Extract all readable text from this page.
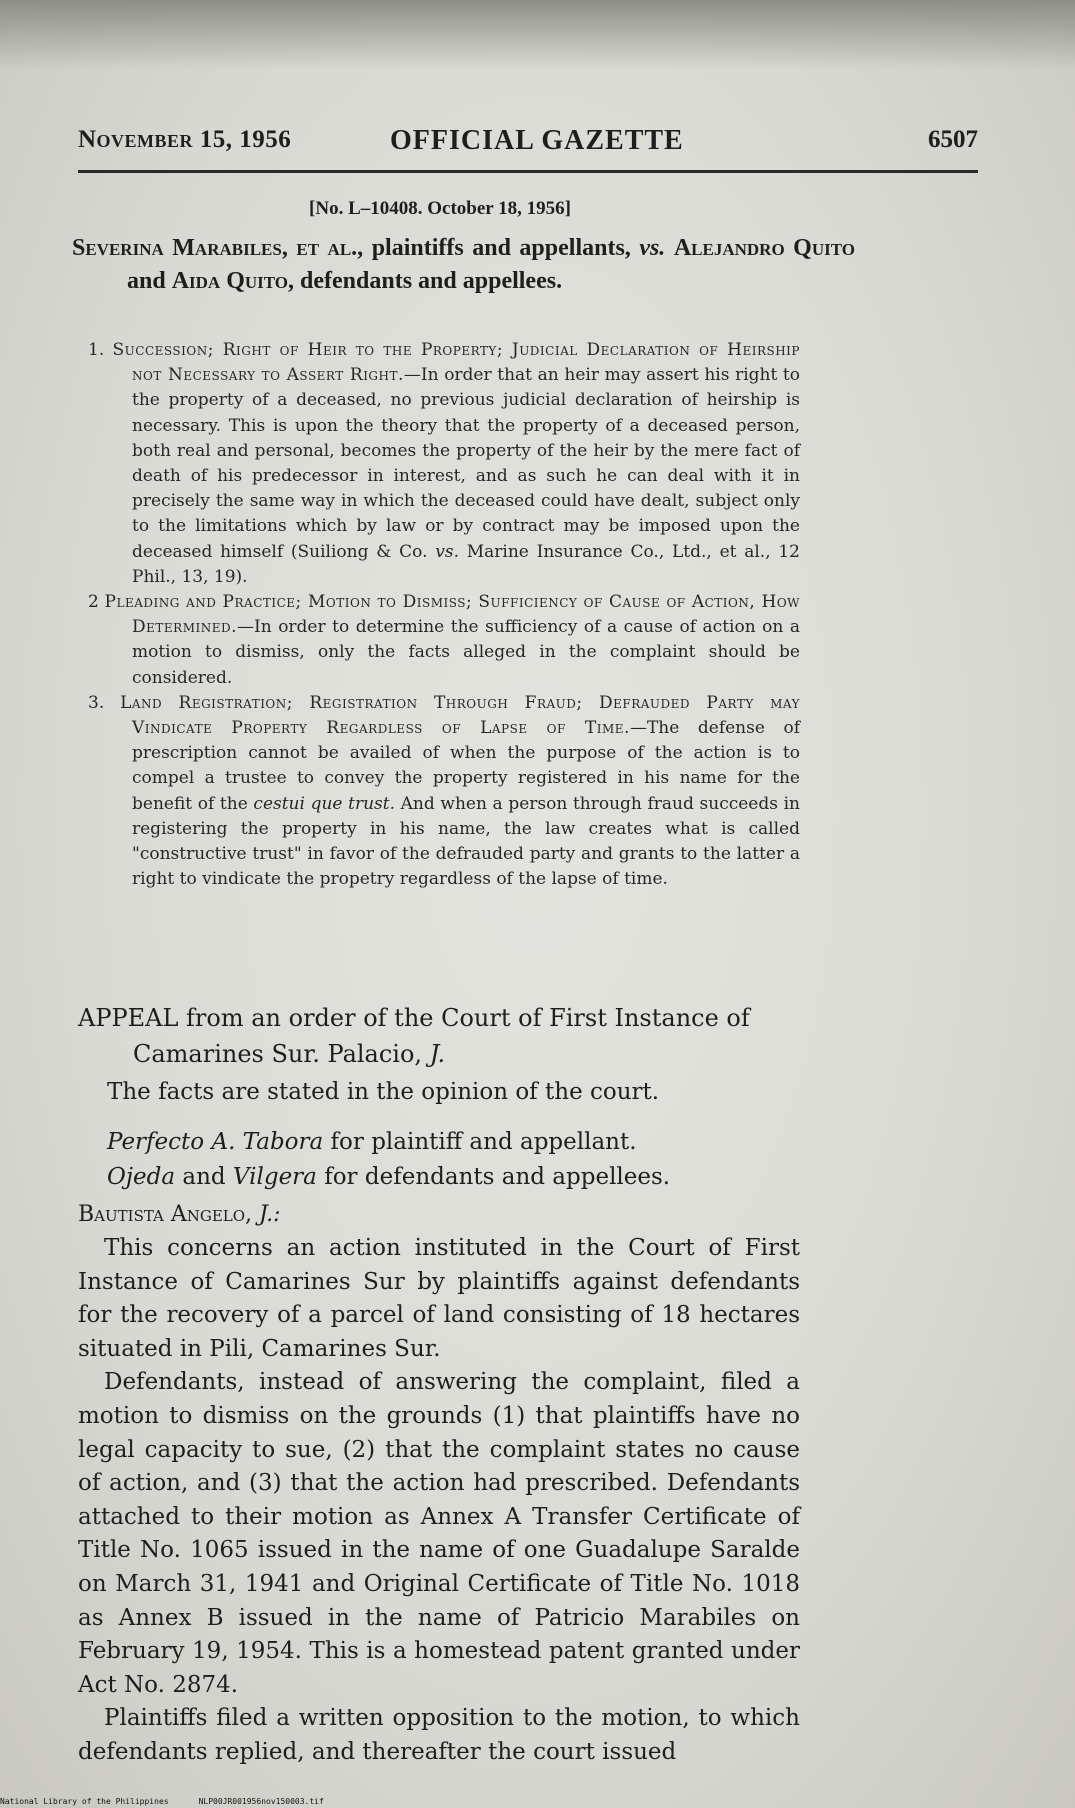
November 15, 1956	OFFICIAL GAZETTE	6507
[No. L–10408. October 18, 1956]
Severina Marabiles, et al., plaintiffs and appellants, vs. Alejandro Quito and Aida Quito, defendants and appellees.

1. Succession; Right of Heir to the Property; Judicial Declaration of Heirship not Necessary to Assert Right.—In order that an heir may assert his right to the property of a deceased, no previous judicial declaration of heirship is necessary. This is upon the theory that the property of a deceased person, both real and personal, becomes the property of the heir by the mere fact of death of his predecessor in interest, and as such he can deal with it in precisely the same way in which the deceased could have dealt, subject only to the limitations which by law or by contract may be imposed upon the deceased himself (Suiliong & Co. vs. Marine Insurance Co., Ltd., et al., 12 Phil., 13, 19).

2 Pleading and Practice; Motion to Dismiss; Sufficiency of Cause of Action, How Determined.—In order to determine the sufficiency of a cause of action on a motion to dismiss, only the facts alleged in the complaint should be considered.

3. Land Registration; Registration Through Fraud; Defrauded Party may Vindicate Property Regardless of Lapse of Time.—The defense of prescription cannot be availed of when the purpose of the action is to compel a trustee to convey the property registered in his name for the benefit of the cestui que trust. And when a person through fraud succeeds in registering the property in his name, the law creates what is called "constructive trust" in favor of the defrauded party and grants to the latter a right to vindicate the propetry regardless of the lapse of time.

APPEAL from an order of the Court of First Instance of Camarines Sur. Palacio, J.
The facts are stated in the opinion of the court.

Perfecto A. Tabora for plaintiff and appellant.

Ojeda and Vilgera for defendants and appellees.

Bautista Angelo, J.:

This concerns an action instituted in the Court of First Instance of Camarines Sur by plaintiffs against defendants for the recovery of a parcel of land consisting of 18 hectares situated in Pili, Camarines Sur.

Defendants, instead of answering the complaint, filed a motion to dismiss on the grounds (1) that plaintiffs have no legal capacity to sue, (2) that the complaint states no cause of action, and (3) that the action had prescribed. Defendants attached to their motion as Annex A Transfer Certificate of Title No. 1065 issued in the name of one Guadalupe Saralde on March 31, 1941 and Original Certificate of Title No. 1018 as Annex B issued in the name of Patricio Marabiles on February 19, 1954. This is a homestead patent granted under Act No. 2874.

Plaintiffs filed a written opposition to the motion, to which defendants replied, and thereafter the court issued

National Library of the Philippines	NLP00JR001956nov150003.tif
